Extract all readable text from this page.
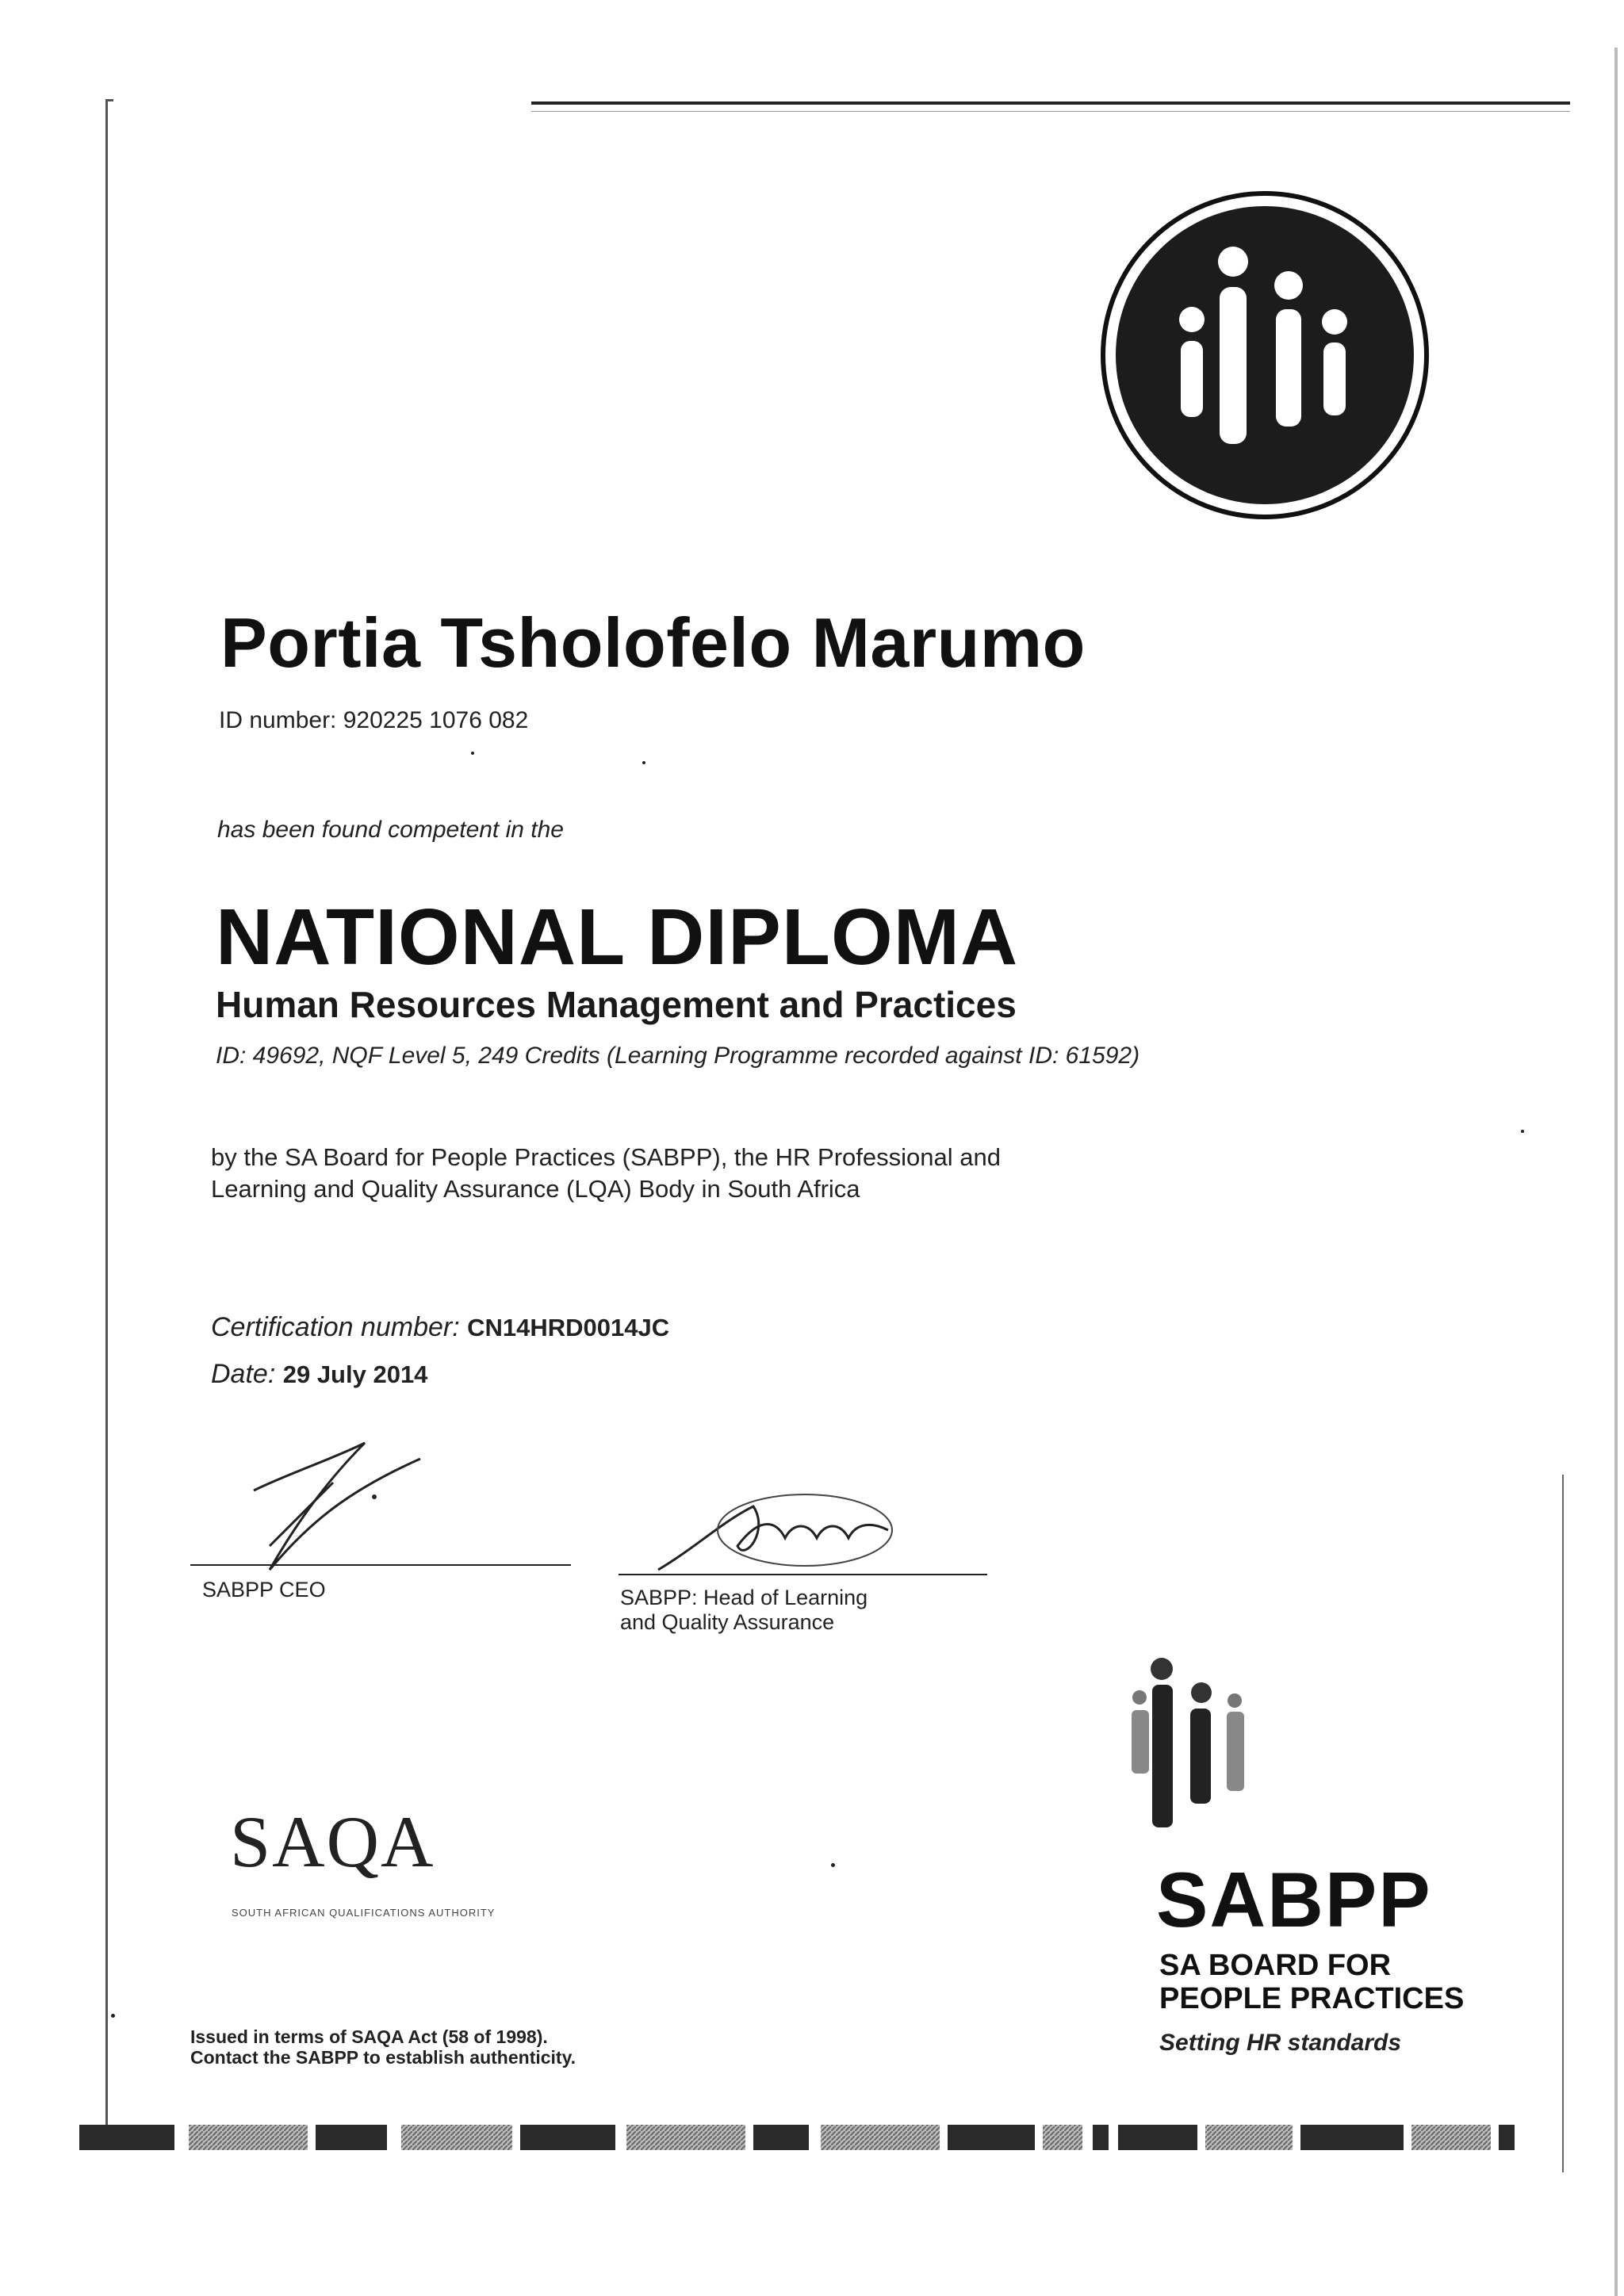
Portia Tsholofelo Marumo
ID number: 920225 1076 082
has been found competent in the
NATIONAL DIPLOMA
Human Resources Management and Practices
ID: 49692, NQF Level 5, 249 Credits (Learning Programme recorded against ID: 61592)
by the SA Board for People Practices (SABPP), the HR Professional and
Learning and Quality Assurance (LQA) Body in South Africa
Certification number: CN14HRD0014JC
Date: 29 July 2014
SABPP CEO	SABPP: Head of Learning
and Quality Assurance
SAQA
SOUTH AFRICAN QUALIFICATIONS AUTHORITY
Issued in terms of SAQA Act (58 of 1998).
Contact the SABPP to establish authenticity.
SABPP
SA BOARD FOR
PEOPLE PRACTICES
Setting HR standards
